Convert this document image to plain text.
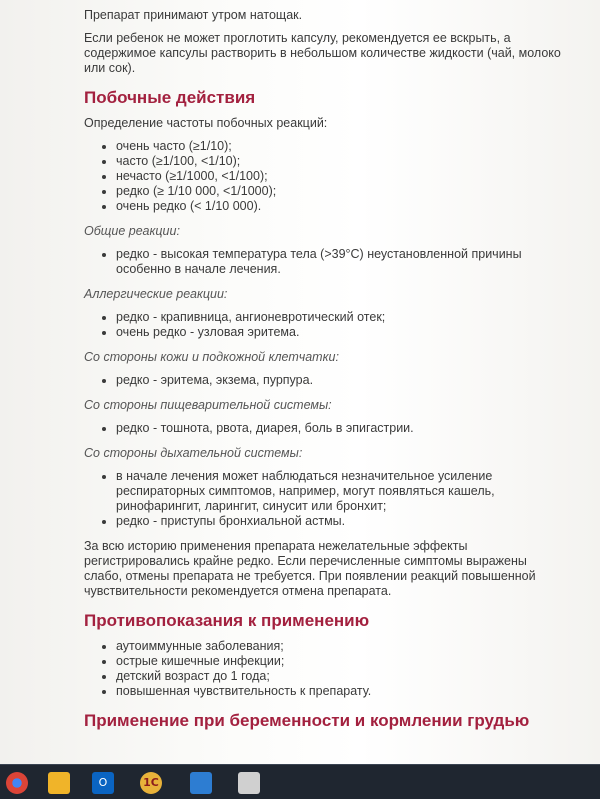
Препарат принимают утром натощак.

Если ребенок не может проглотить капсулу, рекомендуется ее вскрыть, а содержимое капсулы растворить в небольшом количестве жидкости (чай, молоко или сок).

Побочные действия

Определение частоты побочных реакций:

• очень часто (≥1/10);
• часто (≥1/100, <1/10);
• нечасто (≥1/1000, <1/100);
• редко (≥ 1/10 000, <1/1000);
• очень редко (< 1/10 000).

Общие реакции:

• редко - высокая температура тела (>39°С) неустановленной причины особенно в начале лечения.

Аллергические реакции:

• редко - крапивница, ангионевротический отек;
• очень редко - узловая эритема.

Со стороны кожи и подкожной клетчатки:

• редко - эритема, экзема, пурпура.

Со стороны пищеварительной системы:

• редко - тошнота, рвота, диарея, боль в эпигастрии.

Со стороны дыхательной системы:

• в начале лечения может наблюдаться незначительное усиление респираторных симптомов, например, могут появляться кашель, ринофарингит, ларингит, синусит или бронхит;
• редко - приступы бронхиальной астмы.

За всю историю применения препарата нежелательные эффекты регистрировались крайне редко. Если перечисленные симптомы выражены слабо, отмены препарата не требуется. При появлении реакций повышенной чувствительности рекомендуется отмена препарата.

Противопоказания к применению
• аутоиммунные заболевания;
• острые кишечные инфекции;
• детский возраст до 1 года;
• повышенная чувствительность к препарату.
Применение при беременности и кормлении грудью
O	1С
